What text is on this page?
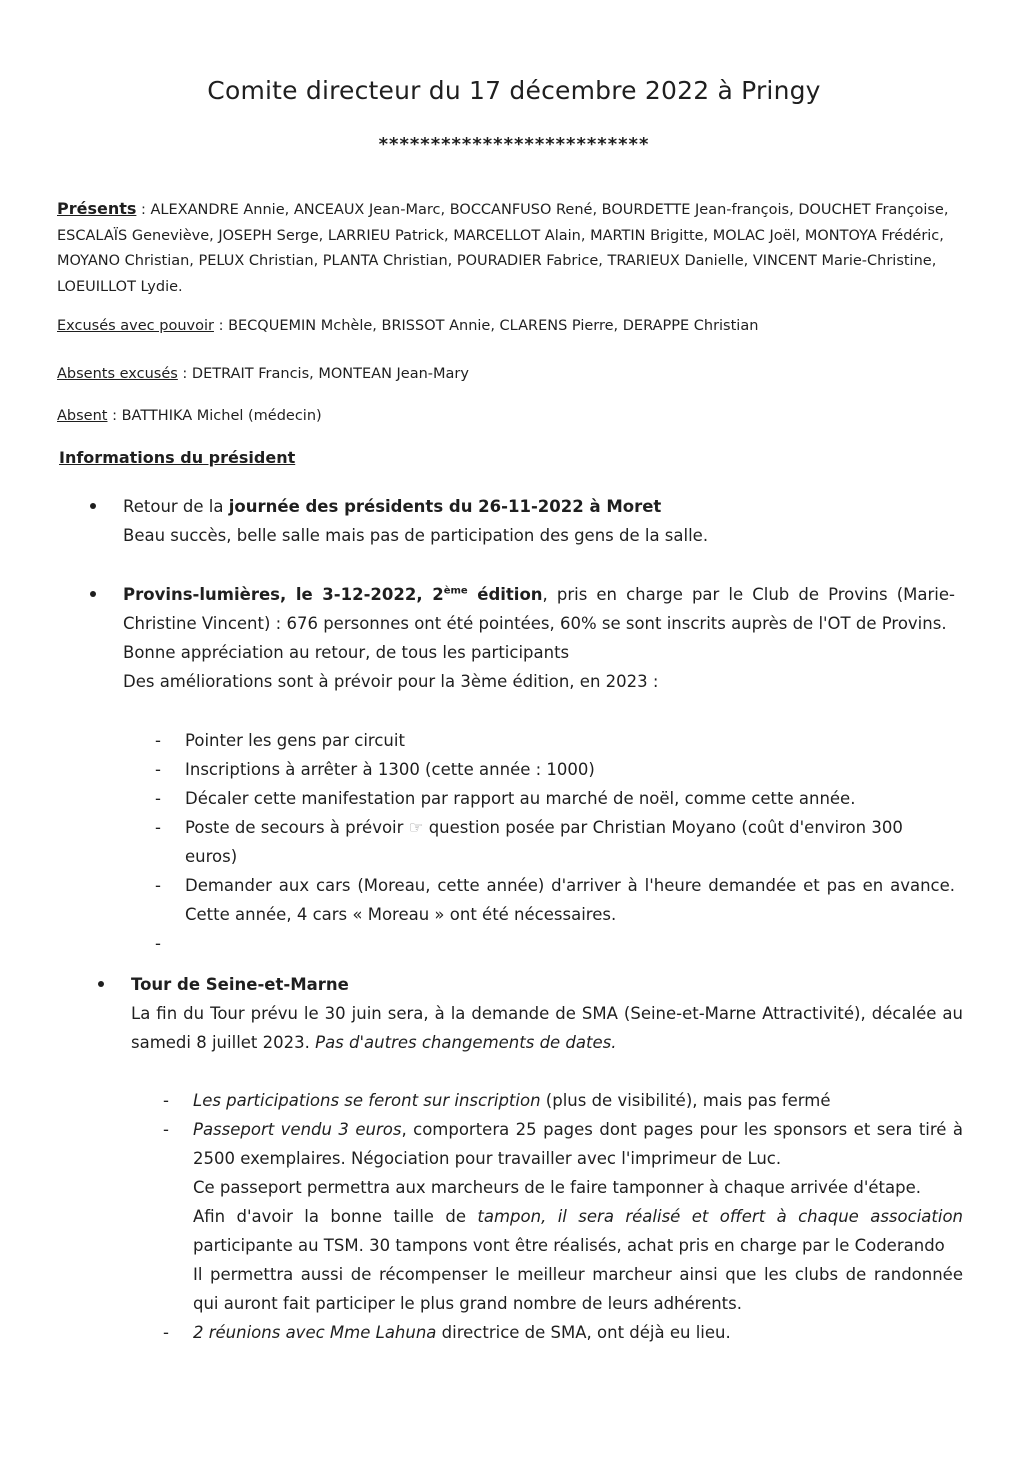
Comite directeur du 17 décembre 2022 à Pringy
**************************
Présents : ALEXANDRE Annie, ANCEAUX Jean-Marc, BOCCANFUSO René, BOURDETTE Jean-françois, DOUCHET Françoise, ESCALAÏS Geneviève, JOSEPH Serge, LARRIEU Patrick, MARCELLOT Alain, MARTIN Brigitte, MOLAC Joël, MONTOYA Frédéric, MOYANO Christian, PELUX Christian, PLANTA Christian, POURADIER Fabrice, TRARIEUX Danielle, VINCENT Marie-Christine, LOEUILLOT Lydie.
Excusés avec pouvoir : BECQUEMIN Mchèle, BRISSOT Annie, CLARENS Pierre, DERAPPE Christian
Absents excusés : DETRAIT Francis, MONTEAN Jean-Mary
Absent : BATTHIKA Michel (médecin)
Informations du président
Retour de la journée des présidents du 26-11-2022 à Moret
Beau succès, belle salle mais pas de participation des gens de la salle.
Provins-lumières, le 3-12-2022, 2ème édition, pris en charge par le Club de Provins (Marie-Christine Vincent) : 676 personnes ont été pointées, 60% se sont inscrits auprès de l'OT de Provins.
Bonne appréciation au retour, de tous les participants
Des améliorations sont à prévoir pour la 3ème édition, en 2023 :
- Pointer les gens par circuit
- Inscriptions à arrêter à 1300 (cette année : 1000)
- Décaler cette manifestation par rapport au marché de noël, comme cette année.
- Poste de secours à prévoir ☞ question posée par Christian Moyano (coût d'environ 300 euros)
- Demander aux cars (Moreau, cette année) d'arriver à l'heure demandée et pas en avance. Cette année, 4 cars « Moreau » ont été nécessaires.
-

Tour de Seine-et-Marne
La fin du Tour prévu le 30 juin sera, à la demande de SMA (Seine-et-Marne Attractivité), décalée au samedi 8 juillet 2023. Pas d'autres changements de dates.
- Les participations se feront sur inscription (plus de visibilité), mais pas fermé
- Passeport vendu 3 euros, comportera 25 pages dont pages pour les sponsors et sera tiré à 2500 exemplaires. Négociation pour travailler avec l'imprimeur de Luc.
Ce passeport permettra aux marcheurs de le faire tamponner à chaque arrivée d'étape.
Afin d'avoir la bonne taille de tampon, il sera réalisé et offert à chaque association participante au TSM. 30 tampons vont être réalisés, achat pris en charge par le Coderando
Il permettra aussi de récompenser le meilleur marcheur ainsi que les clubs de randonnée qui auront fait participer le plus grand nombre de leurs adhérents.
- 2 réunions avec Mme Lahuna directrice de SMA, ont déjà eu lieu.
